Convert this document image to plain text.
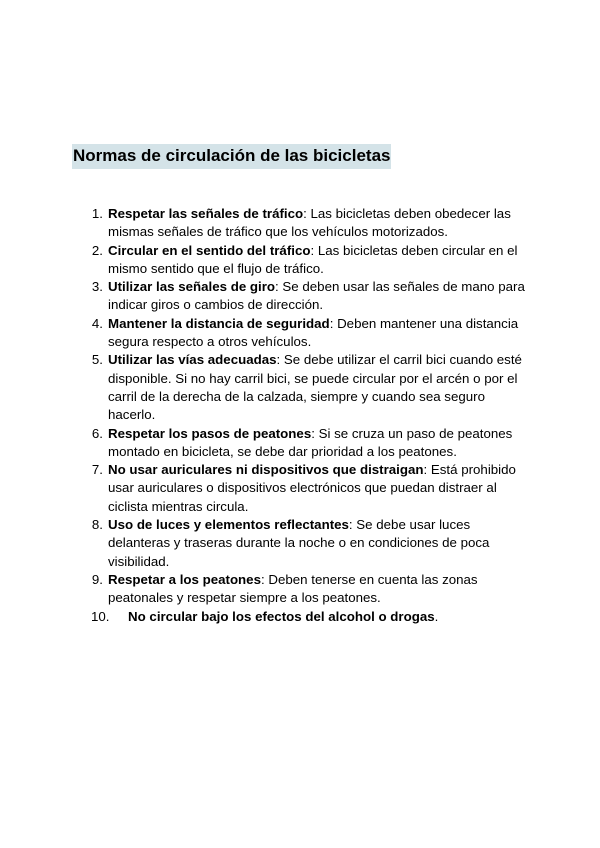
Normas de circulación de las bicicletas
1. Respetar las señales de tráfico: Las bicicletas deben obedecer las mismas señales de tráfico que los vehículos motorizados.
2. Circular en el sentido del tráfico: Las bicicletas deben circular en el mismo sentido que el flujo de tráfico.
3. Utilizar las señales de giro: Se deben usar las señales de mano para indicar giros o cambios de dirección.
4. Mantener la distancia de seguridad: Deben mantener una distancia segura respecto a otros vehículos.
5. Utilizar las vías adecuadas: Se debe utilizar el carril bici cuando esté disponible. Si no hay carril bici, se puede circular por el arcén o por el carril de la derecha de la calzada, siempre y cuando sea seguro hacerlo.
6. Respetar los pasos de peatones: Si se cruza un paso de peatones montado en bicicleta, se debe dar prioridad a los peatones.
7. No usar auriculares ni dispositivos que distraigan: Está prohibido usar auriculares o dispositivos electrónicos que puedan distraer al ciclista mientras circula.
8. Uso de luces y elementos reflectantes: Se debe usar luces delanteras y traseras durante la noche o en condiciones de poca visibilidad.
9. Respetar a los peatones: Deben tenerse en cuenta las zonas peatonales y respetar siempre a los peatones.
10. No circular bajo los efectos del alcohol o drogas.
